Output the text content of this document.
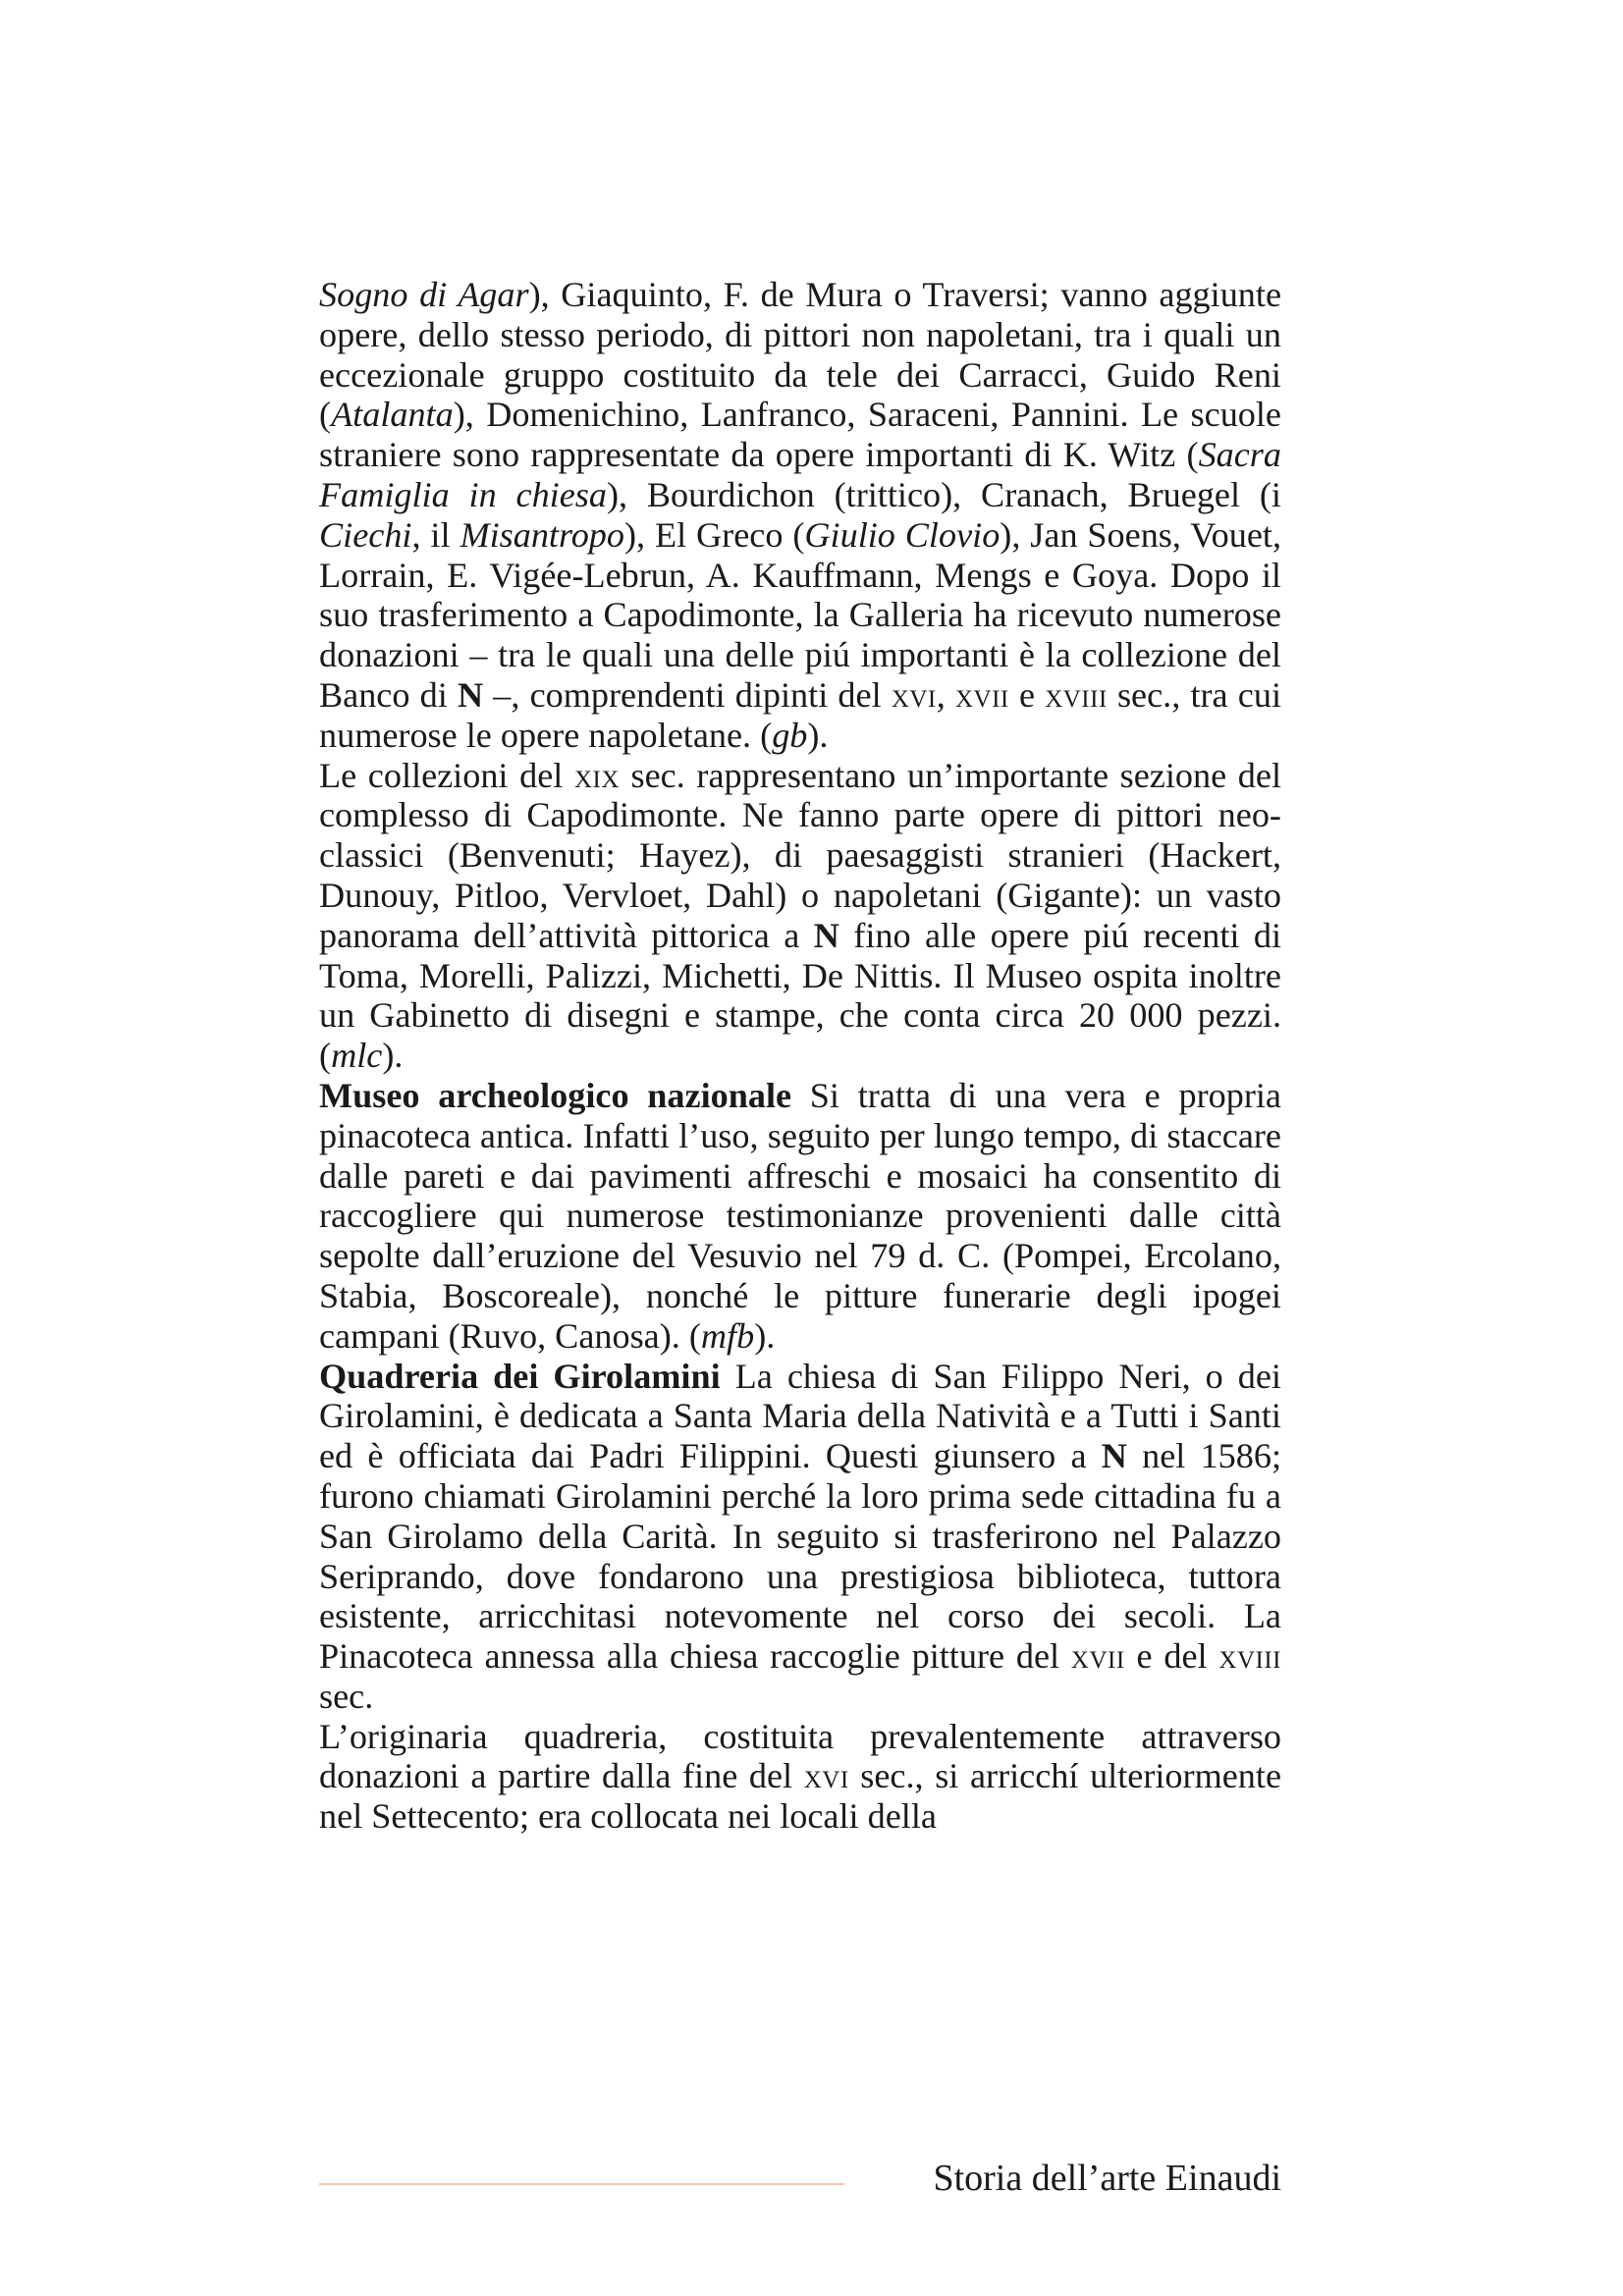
Sogno di Agar), Giaquinto, F. de Mura o Traversi; vanno aggiunte opere, dello stesso periodo, di pittori non napoletani, tra i quali un eccezionale gruppo costituito da tele dei Carracci, Guido Reni (Atalanta), Domenichino, Lanfranco, Saraceni, Pannini. Le scuole straniere sono rappresentate da opere importanti di K. Witz (Sacra Famiglia in chiesa), Bourdichon (trittico), Cranach, Bruegel (i Ciechi, il Misantropo), El Greco (Giulio Clovio), Jan Soens, Vouet, Lorrain, E. Vigée-Lebrun, A. Kauffmann, Mengs e Goya. Dopo il suo trasferimento a Capodimonte, la Galleria ha ricevuto numerose donazioni – tra le quali una delle piú importanti è la collezione del Banco di N –, comprendenti dipinti del xvi, xvii e xviii sec., tra cui numerose le opere napoletane. (gb).

Le collezioni del xix sec. rappresentano un’importante sezione del complesso di Capodimonte. Ne fanno parte opere di pittori neo-classici (Benvenuti; Hayez), di paesaggisti stranieri (Hackert, Dunouy, Pitloo, Vervloet, Dahl) o napoletani (Gigante): un vasto panorama dell’attività pittorica a N fino alle opere piú recenti di Toma, Morelli, Palizzi, Michetti, De Nittis. Il Museo ospita inoltre un Gabinetto di disegni e stampe, che conta circa 20 000 pezzi. (mlc).

Museo archeologico nazionale Si tratta di una vera e propria pinacoteca antica. Infatti l’uso, seguito per lungo tempo, di staccare dalle pareti e dai pavimenti affreschi e mosaici ha consentito di raccogliere qui numerose testimonianze provenienti dalle città sepolte dall’eruzione del Vesuvio nel 79 d. C. (Pompei, Ercolano, Stabia, Boscoreale), nonché le pitture funerarie degli ipogei campani (Ruvo, Canosa). (mfb).

Quadreria dei Girolamini La chiesa di San Filippo Neri, o dei Girolamini, è dedicata a Santa Maria della Natività e a Tutti i Santi ed è officiata dai Padri Filippini. Questi giunsero a N nel 1586; furono chiamati Girolamini perché la loro prima sede cittadina fu a San Girolamo della Carità. In seguito si trasferirono nel Palazzo Seriprando, dove fondarono una prestigiosa biblioteca, tuttora esistente, arricchitasi notevomente nel corso dei secoli. La Pinacoteca annessa alla chiesa raccoglie pitture del xvii e del xviii sec.

L’originaria quadreria, costituita prevalentemente attraverso donazioni a partire dalla fine del xvi sec., si arricchí ulteriormente nel Settecento; era collocata nei locali della

Storia dell’arte Einaudi
